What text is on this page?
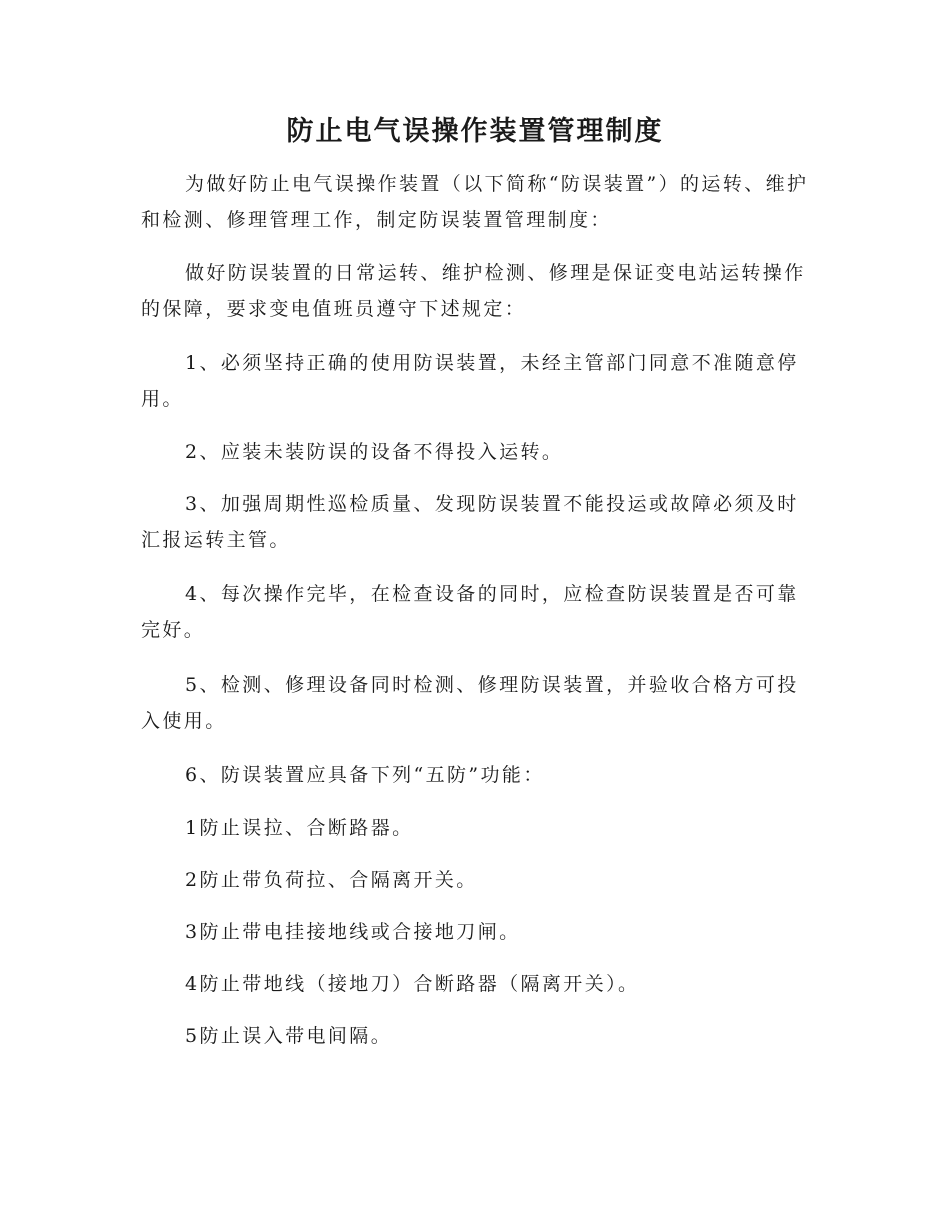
防止电气误操作装置管理制度
为做好防止电气误操作装置（以下简称“防误装置”）的运转、维护和检测、修理管理工作，制定防误装置管理制度：
做好防误装置的日常运转、维护检测、修理是保证变电站运转操作的保障，要求变电值班员遵守下述规定：
1、必须坚持正确的使用防误装置，未经主管部门同意不准随意停用。
2、应装未装防误的设备不得投入运转。
3、加强周期性巡检质量、发现防误装置不能投运或故障必须及时汇报运转主管。
4、每次操作完毕，在检查设备的同时，应检查防误装置是否可靠完好。
5、检测、修理设备同时检测、修理防误装置，并验收合格方可投入使用。
6、防误装置应具备下列“五防”功能：
1防止误拉、合断路器。
2防止带负荷拉、合隔离开关。
3防止带电挂接地线或合接地刀闸。
4防止带地线（接地刀）合断路器（隔离开关）。
5防止误入带电间隔。
